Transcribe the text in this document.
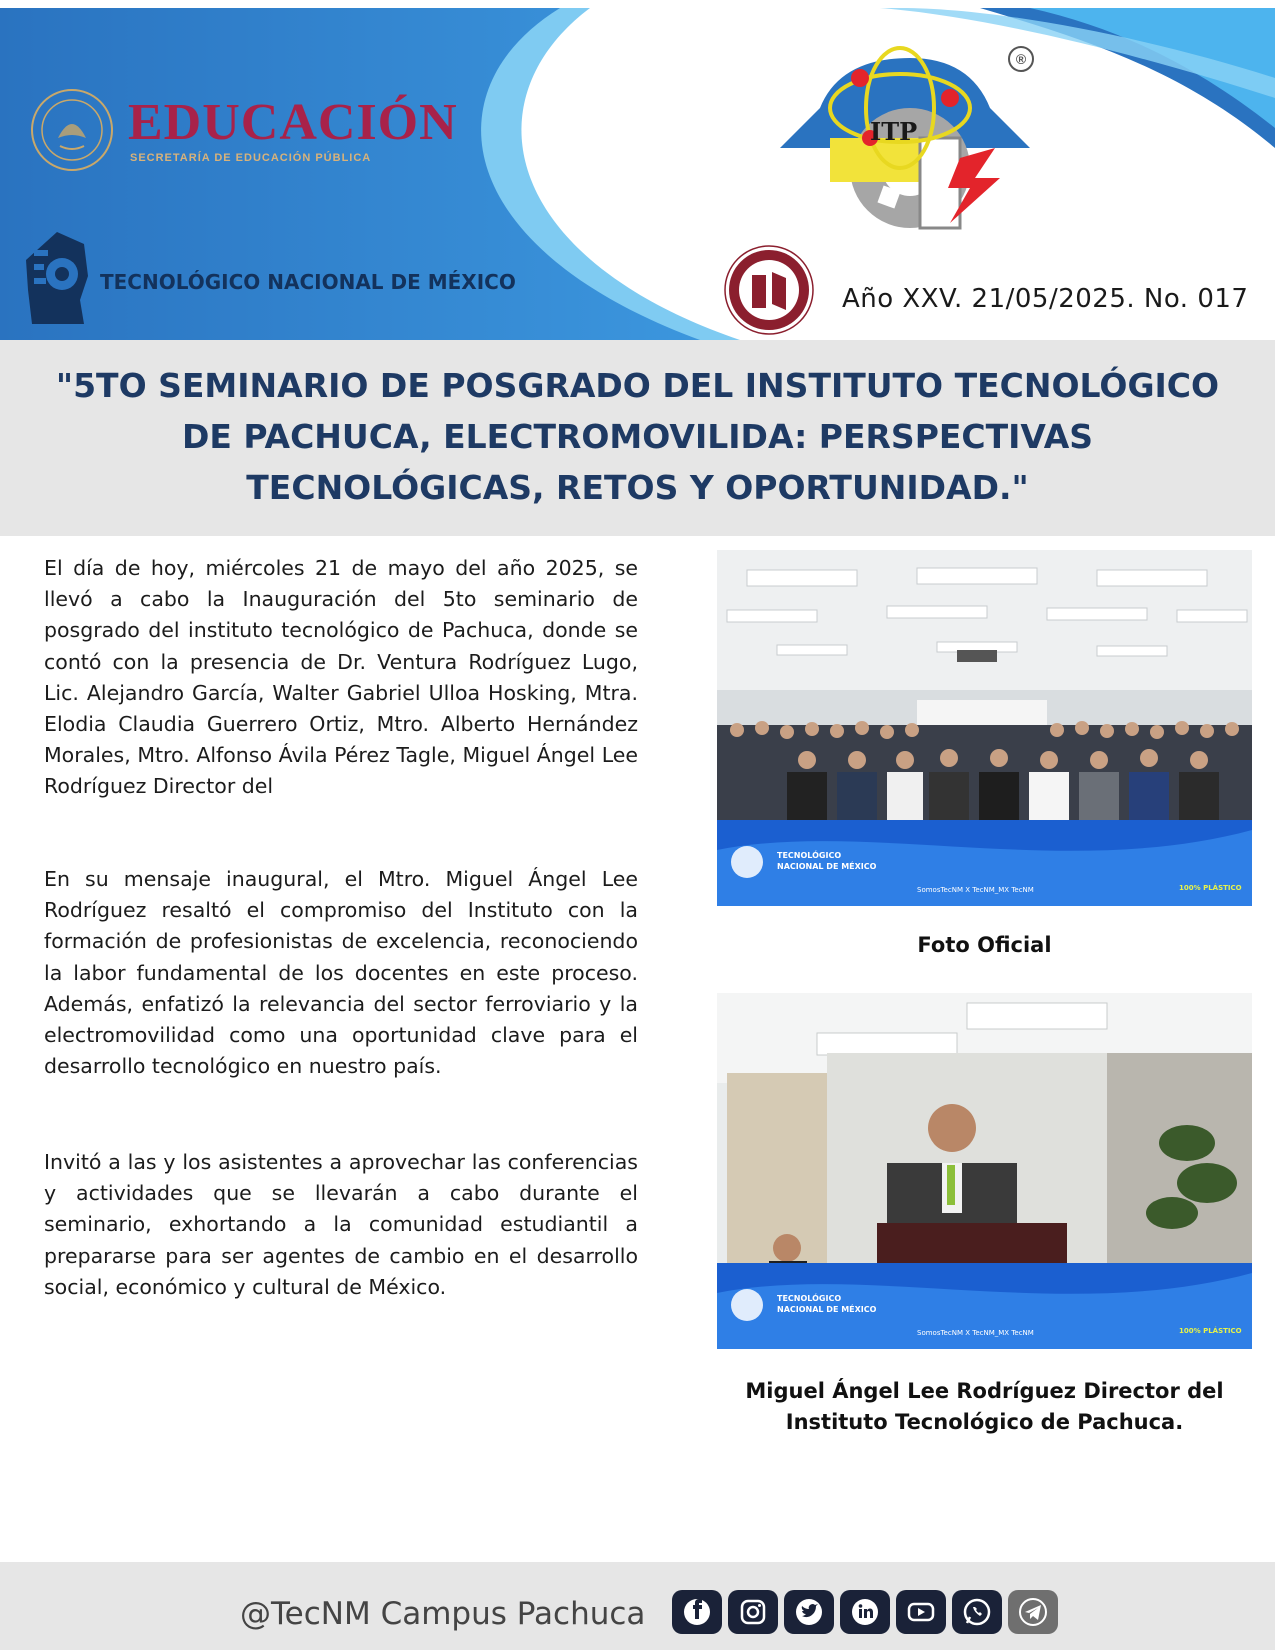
EDUCACIÓN
SECRETARÍA DE EDUCACIÓN PÚBLICA
TECNOLÓGICO NACIONAL DE MÉXICO
ITP
®
Año XXV. 21/05/2025. No. 017
"5TO SEMINARIO DE POSGRADO DEL INSTITUTO TECNOLÓGICO DE PACHUCA, ELECTROMOVILIDA: PERSPECTIVAS TECNOLÓGICAS, RETOS Y OPORTUNIDAD."

El día de hoy, miércoles 21 de mayo del año 2025, se llevó a cabo la Inauguración del 5to seminario de posgrado del instituto tecnológico de Pachuca, donde se contó con la presencia de Dr. Ventura Rodríguez Lugo, Lic. Alejandro García, Walter Gabriel Ulloa Hosking, Mtra. Elodia Claudia Guerrero Ortiz, Mtro. Alberto Hernández Morales, Mtro. Alfonso Ávila Pérez Tagle, Miguel Ángel Lee Rodríguez Director del

En su mensaje inaugural, el Mtro. Miguel Ángel Lee Rodríguez resaltó el compromiso del Instituto con la formación de profesionistas de excelencia, reconociendo la labor fundamental de los docentes en este proceso. Además, enfatizó la relevancia del sector ferroviario y la electromovilidad como una oportunidad clave para el desarrollo tecnológico en nuestro país.

Invitó a las y los asistentes a aprovechar las conferencias y actividades que se llevarán a cabo durante el seminario, exhortando a la comunidad estudiantil a prepararse para ser agentes de cambio en el desarrollo social, económico y cultural de México.

TECNOLÓGICO
NACIONAL DE MÉXICO
SomosTecNM X TecNM_MX TecNM	100% PLÁSTICO

Foto Oficial

TECNOLÓGICO
NACIONAL DE MÉXICO
SomosTecNM X TecNM_MX TecNM	100% PLÁSTICO

Miguel Ángel Lee Rodríguez Director del Instituto Tecnológico de Pachuca.

@TecNM Campus Pachuca
